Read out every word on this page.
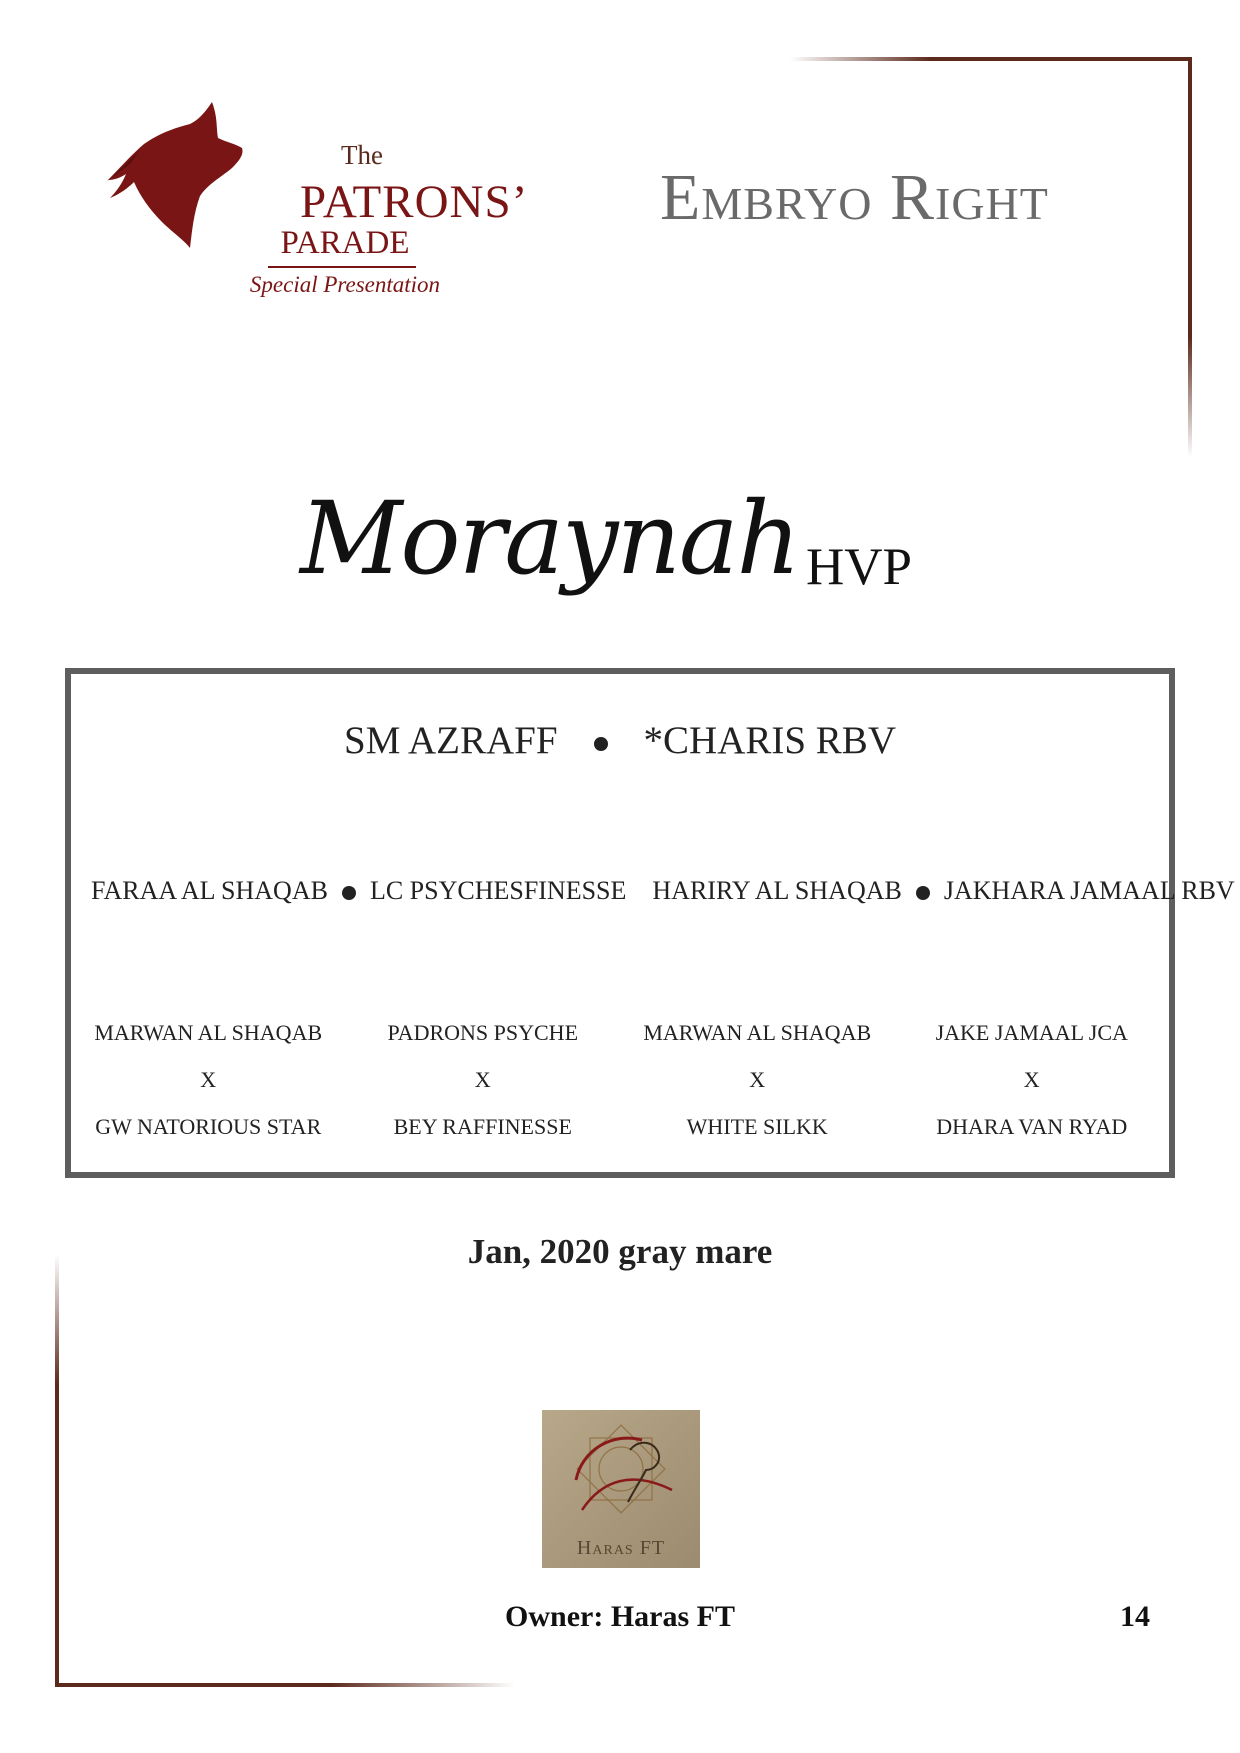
The
PATRONS’
PARADE
Special Presentation
Embryo Right
Moraynah HVP
SM AZRAFF *CHARIS RBV
FARAA AL SHAQAB LC PSYCHESFINESSE HARIRY AL SHAQAB JAKHARA JAMAAL RBV
MARWAN AL SHAQAB
X
GW NATORIOUS STAR
PADRONS PSYCHE
X
BEY RAFFINESSE
MARWAN AL SHAQAB
X
WHITE SILKK
JAKE JAMAAL JCA
X
DHARA VAN RYAD
Jan, 2020 gray mare
Haras FT
Owner: Haras FT	14
